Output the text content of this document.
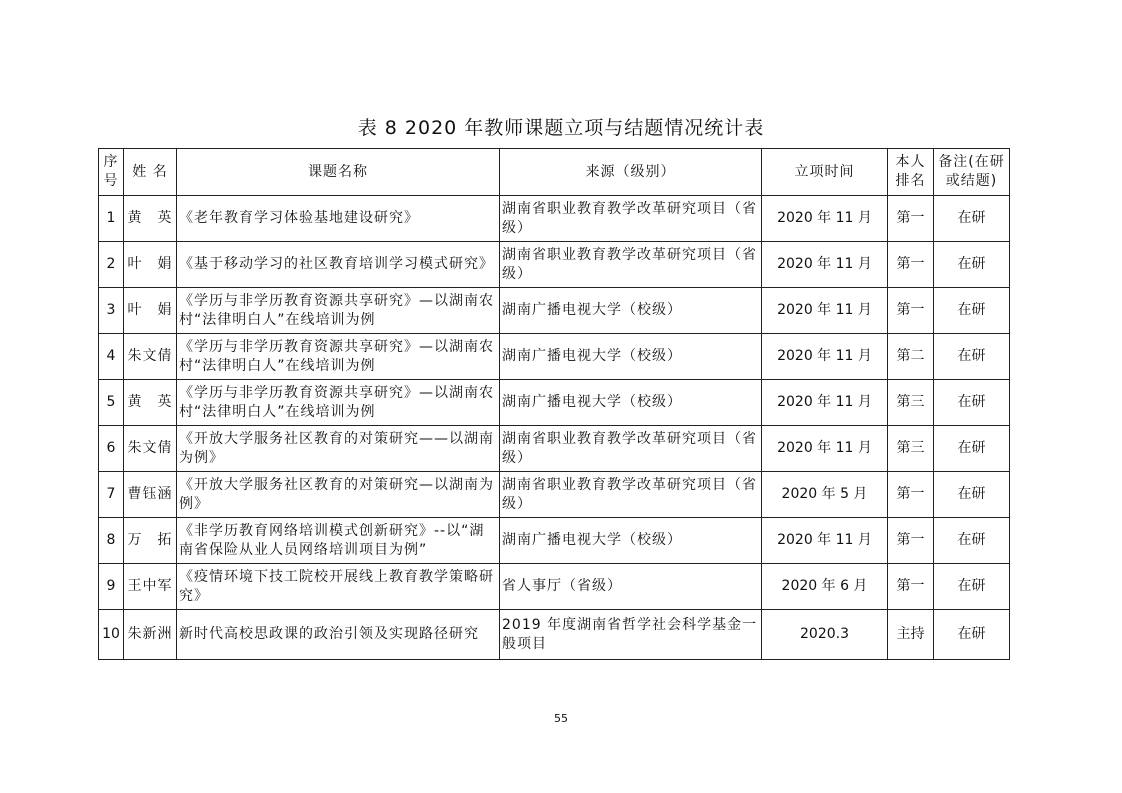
表 8 2020 年教师课题立项与结题情况统计表
序号	姓 名	课题名称	来源（级别）	立项时间	本人排名	备注(在研或结题)
1	黄　英	《老年教育学习体验基地建设研究》	湖南省职业教育教学改革研究项目（省级）	2020 年 11 月	第一	在研
2	叶　娟	《基于移动学习的社区教育培训学习模式研究》	湖南省职业教育教学改革研究项目（省级）	2020 年 11 月	第一	在研
3	叶　娟	《学历与非学历教育资源共享研究》—以湖南农村“法律明白人”在线培训为例	湖南广播电视大学（校级）	2020 年 11 月	第一	在研
4	朱文倩	《学历与非学历教育资源共享研究》—以湖南农村“法律明白人”在线培训为例	湖南广播电视大学（校级）	2020 年 11 月	第二	在研
5	黄　英	《学历与非学历教育资源共享研究》—以湖南农村“法律明白人”在线培训为例	湖南广播电视大学（校级）	2020 年 11 月	第三	在研
6	朱文倩	《开放大学服务社区教育的对策研究——以湖南为例》	湖南省职业教育教学改革研究项目（省级）	2020 年 11 月	第三	在研
7	曹钰涵	《开放大学服务社区教育的对策研究—以湖南为例》	湖南省职业教育教学改革研究项目（省级）	2020 年 5 月	第一	在研
8	万　拓	《非学历教育网络培训模式创新研究》--以“湖南省保险从业人员网络培训项目为例”	湖南广播电视大学（校级）	2020 年 11 月	第一	在研
9	王中军	《疫情环境下技工院校开展线上教育教学策略研究》	省人事厅（省级）	2020 年 6 月	第一	在研
10	朱新洲	新时代高校思政课的政治引领及实现路径研究	2019 年度湖南省哲学社会科学基金一般项目	2020.3	主持	在研
55
